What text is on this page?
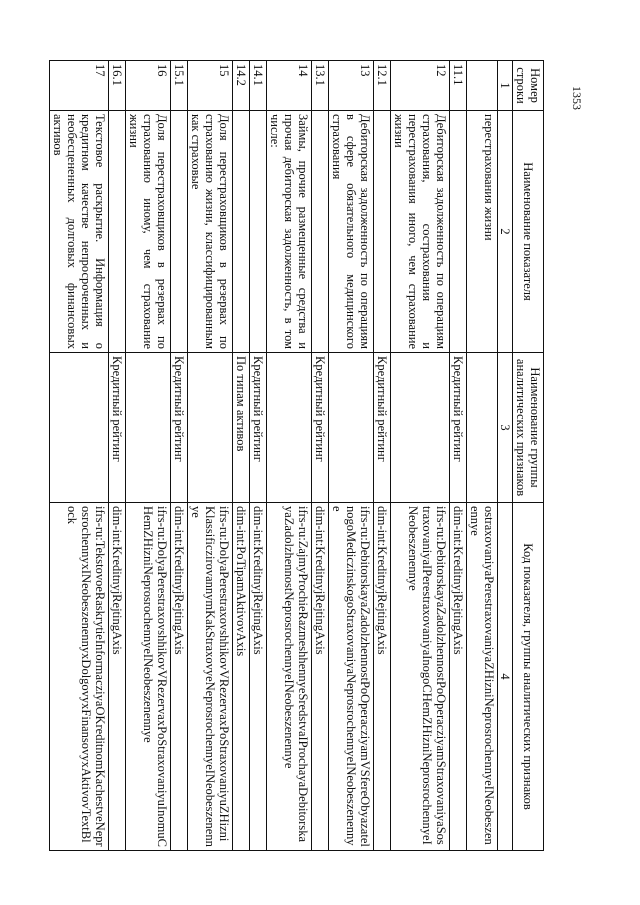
1353
Номер строки	Наименование показателя	Наименование группы аналитических признаков	Код показателя, группы аналитических признаков
1	2	3	4
	перестрахования жизни		ostraxovaniyaPerestraxovaniyaZHizniNeprosrochennyeINeobeszenennye
11.1		Кредитный рейтинг	dim-int:KreditnyjRejtingAxis
12	Дебиторская задолженность по операциям страхования, сострахования и перестрахования иного, чем страхование жизни		ifrs-ru:DebitorskayaZadolzhennostPoOperacziyamStraxovaniyaSostraxovaniyaIPerestraxovaniyaInogoCHemZHizniNeprosrochennyeINeobeszenennye
12.1		Кредитный рейтинг	dim-int:KreditnyjRejtingAxis
13	Дебиторская задолженность по операциям в сфере обязательного медицинского страхования		ifrs-ru:DebitorskayaZadolzhennostPoOperacziyamVSfereObyazatelnogoMediczinskogoStraxovaniyaNeprosrochennyeINeobeszenennye
13.1		Кредитный рейтинг	dim-int:KreditnyjRejtingAxis
14	Займы, прочие размещенные средства и прочая дебиторская задолженность, в том числе:		ifrs-ru:ZajmyProchieRazmeshhennyeSredstvaIProchayaDebitorskayaZadolzhennostNeprosrochennyeINeobeszenennye
14.1		Кредитный рейтинг	dim-int:KreditnyjRejtingAxis
14.2		По типам активов	dim-int:PoTipamAktivovAxis
15	Доля перестраховщиков в резервах по страхованию жизни, классифицированным как страховые		ifrs-ru:DolyaPerestraxovshhikovVRezervaxPoStraxovaniyuZHizniKlassificzirovannymKakStraxovyeNeprosrochennyeINeobeszenennye
15.1		Кредитный рейтинг	dim-int:KreditnyjRejtingAxis
16	Доля перестраховщиков в резервах по страхованию иному, чем страхование жизни		ifrs-ru:DolyaPerestraxovshhikovVRezervaxPoStraxovaniyuInomuCHemZHizniNeprosrochennyeINeobeszenennye
16.1		Кредитный рейтинг	dim-int:KreditnyjRejtingAxis
17	Текстовое раскрытие. Информация о кредитном качестве непросроченных и необесцененных долговых финансовых активов		ifrs-ru:TekstovoeRaskrytieInformacziyaOKreditnomKachestveNeprosrochennyxINeobeszenennyxDolgovyxFinansovyxAktivovTextBlock
